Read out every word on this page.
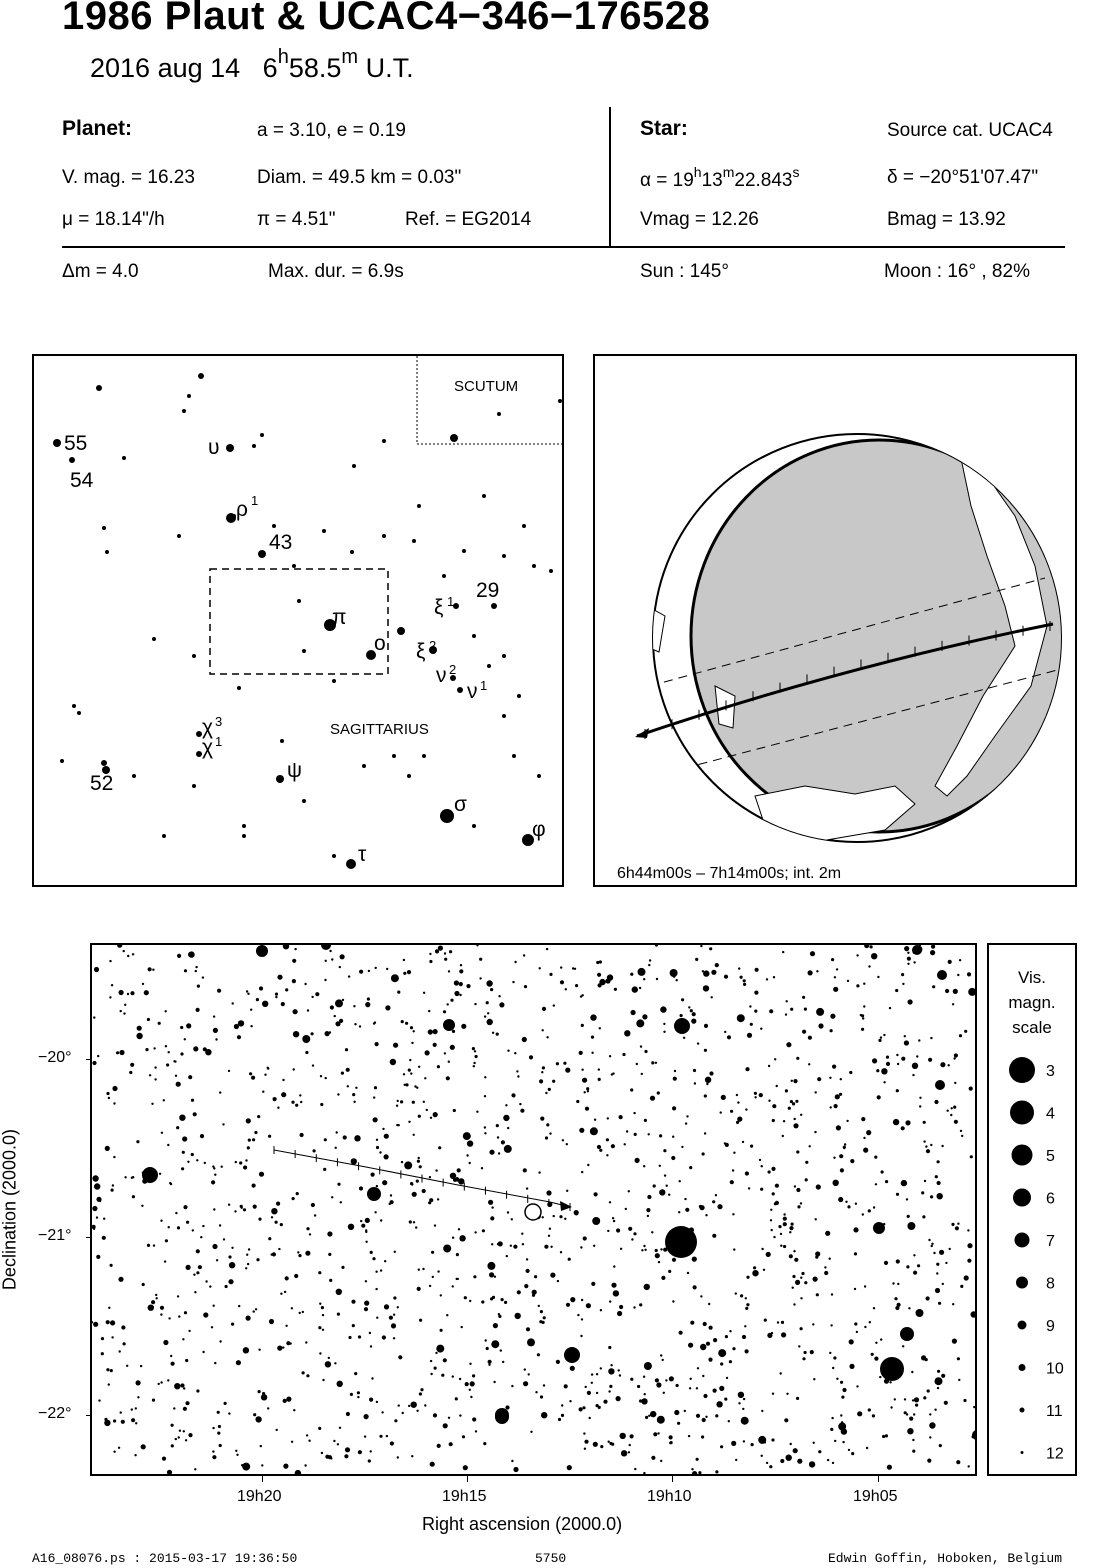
1986 Plaut & UCAC4−346−176528
2016 aug 14 6$^h$58.5$^m$ U.T.
Planet:	a = 3.10, e = 0.19
V. mag. = 16.23	Diam. = 49.5 km = 0.03"
μ = 18.14"/h	π = 4.51"	Ref. = EG2014
Star:	Source cat. UCAC4
$\alpha = 19^h13^m22.843^s$	δ = −20°51'07.47"
Vmag = 12.26	Bmag = 13.92
Δm = 4.0	Max. dur. = 6.9s	Sun : 145°	Moon : 16° , 82%
SCUTUM
SAGITTARIUS
55
54
υ
ρ 1
43
π
ο
ξ 1
ξ 2
29
ν 2
ν 1
χ 3
χ 1
ψ
52
σ
φ
τ
6h44m00s – 7h14m00s; int. 2m
−20°
−21°
−22°
19h20	19h15	19h10	19h05
Right ascension (2000.0)
Declination (2000.0)
Vis.
magn.
scale
3
4
5
6
7
8
9
10
11
12
A16_08076.ps : 2015-03-17 19:36:50	5750	Edwin Goffin, Hoboken, Belgium
